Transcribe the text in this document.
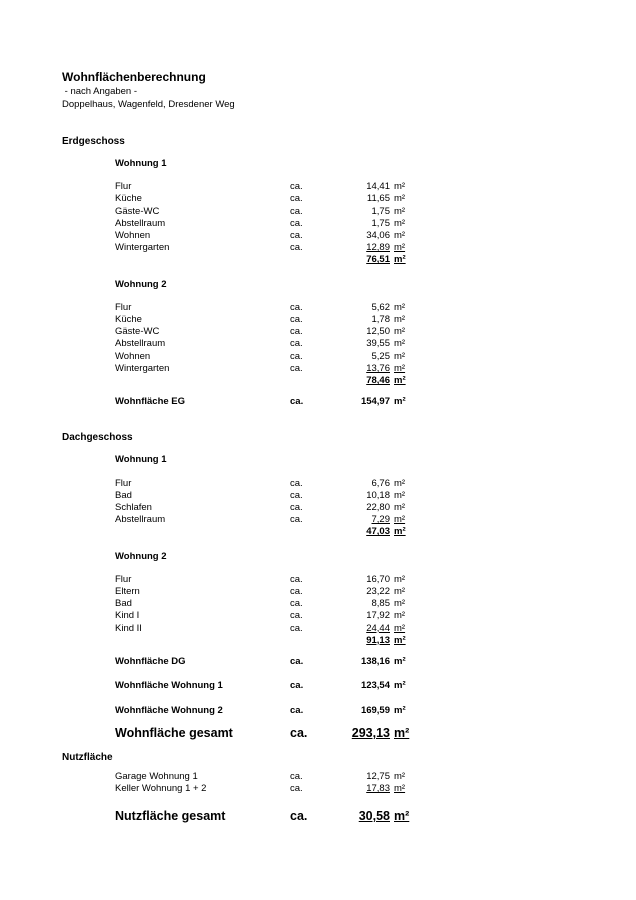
Wohnflächenberechnung
- nach Angaben -
Doppelhaus, Wagenfeld, Dresdener Weg
Erdgeschoss
Wohnung 1
Flur	ca.	14,41 m²
Küche	ca.	11,65 m²
Gäste-WC	ca.	1,75 m²
Abstellraum	ca.	1,75 m²
Wohnen	ca.	34,06 m²
Wintergarten	ca.	12,89 m²
76,51 m²
Wohnung 2
Flur	ca.	5,62 m²
Küche	ca.	1,78 m²
Gäste-WC	ca.	12,50 m²
Abstellraum	ca.	39,55 m²
Wohnen	ca.	5,25 m²
Wintergarten	ca.	13,76 m²
78,46 m²
Wohnfläche EG	ca.	154,97 m²
Dachgeschoss
Wohnung 1
Flur	ca.	6,76 m²
Bad	ca.	10,18 m²
Schlafen	ca.	22,80 m²
Abstellraum	ca.	7,29 m²
47,03 m²
Wohnung 2
Flur	ca.	16,70 m²
Eltern	ca.	23,22 m²
Bad	ca.	8,85 m²
Kind I	ca.	17,92 m²
Kind II	ca.	24,44 m²
91,13 m²
Wohnfläche DG	ca.	138,16 m²
Wohnfläche Wohnung 1	ca.	123,54 m²
Wohnfläche Wohnung 2	ca.	169,59 m²
Wohnfläche gesamt	ca.	293,13 m²
Nutzfläche
Garage Wohnung 1	ca.	12,75 m²
Keller Wohnung 1 + 2	ca.	17,83 m²
Nutzfläche gesamt	ca.	30,58 m²
